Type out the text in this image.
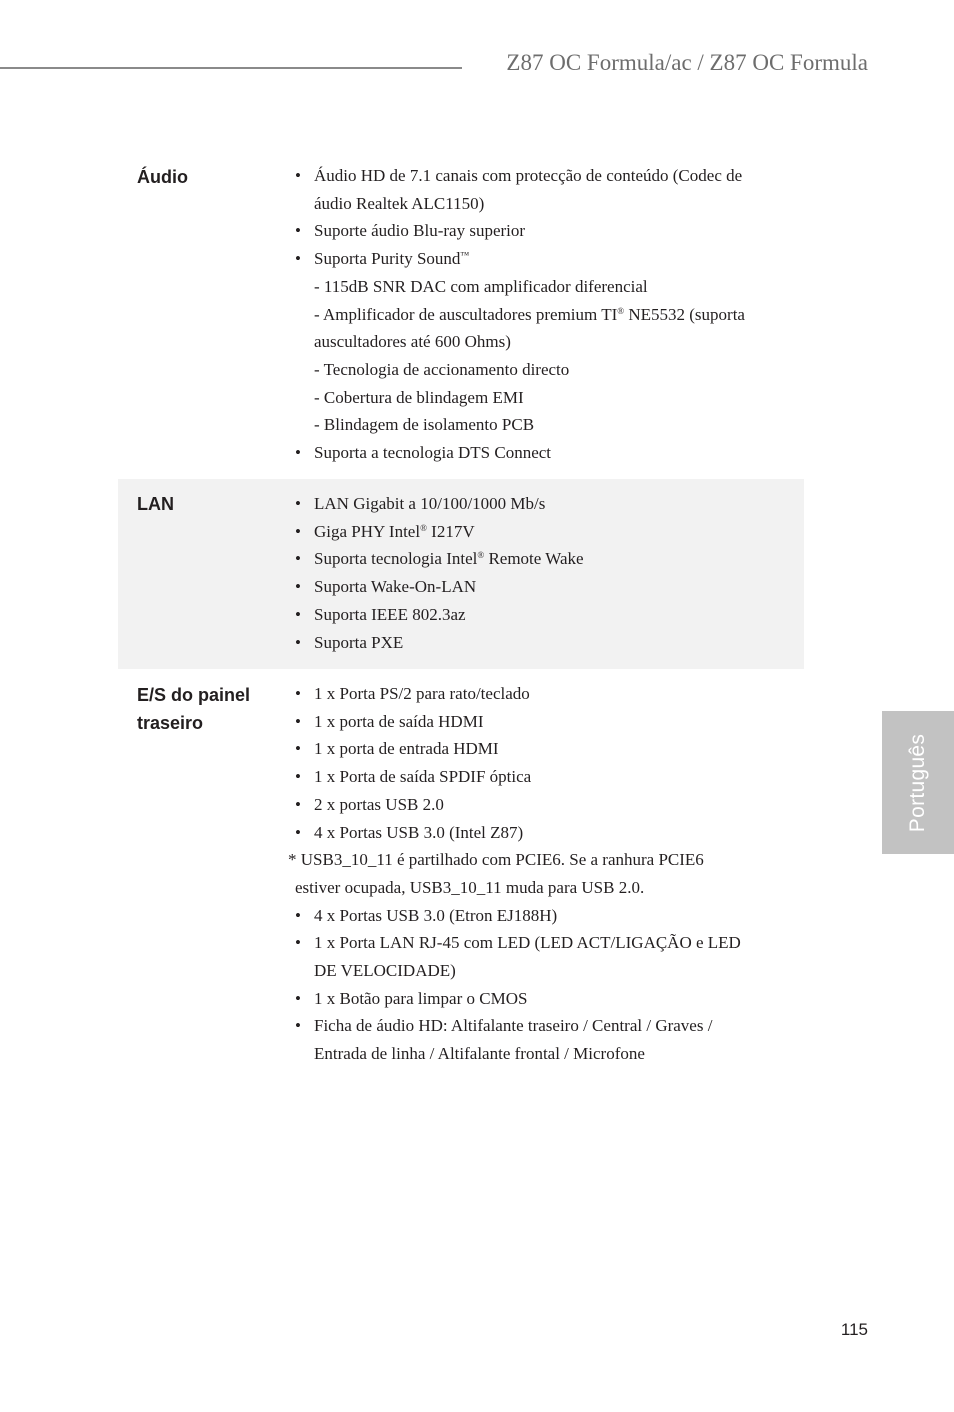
Z87 OC Formula/ac / Z87 OC Formula
Português
Áudio	• Áudio HD de 7.1 canais com protecção de conteúdo (Codec de
áudio Realtek ALC1150)
• Suporte áudio Blu-ray superior
• Suporta Purity Sound™
- 115dB SNR DAC com amplificador diferencial
- Amplificador de auscultadores premium TI® NE5532 (suporta
auscultadores até 600 Ohms)
- Tecnologia de accionamento directo
- Cobertura de blindagem EMI
- Blindagem de isolamento PCB
• Suporta a tecnologia DTS Connect
LAN	• LAN Gigabit a 10/100/1000 Mb/s
• Giga PHY Intel® I217V
• Suporta tecnologia Intel® Remote Wake
• Suporta Wake-On-LAN
• Suporta IEEE 802.3az
• Suporta PXE
E/S do painel
traseiro
• 1 x Porta PS/2 para rato/teclado
• 1 x porta de saída HDMI
• 1 x porta de entrada HDMI
• 1 x Porta de saída SPDIF óptica
• 2 x portas USB 2.0
• 4 x Portas USB 3.0 (Intel Z87)
* USB3_10_11 é partilhado com PCIE6. Se a ranhura PCIE6
estiver ocupada, USB3_10_11 muda para USB 2.0.
• 4 x Portas USB 3.0 (Etron EJ188H)
• 1 x Porta LAN RJ-45 com LED (LED ACT/LIGAÇÃO e LED
DE VELOCIDADE)
• 1 x Botão para limpar o CMOS
• Ficha de áudio HD: Altifalante traseiro / Central / Graves /
Entrada de linha / Altifalante frontal / Microfone
115
